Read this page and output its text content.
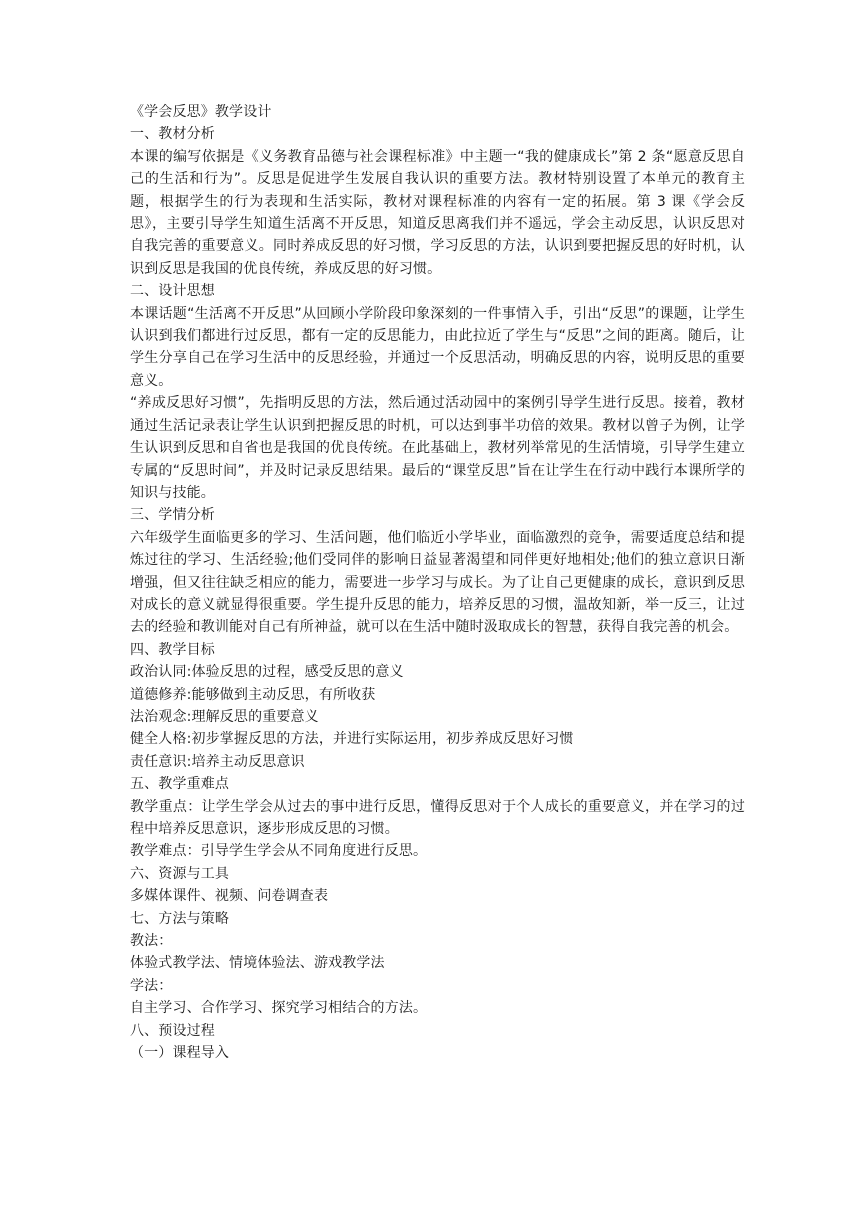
《学会反思》教学设计

一、教材分析

本课的编写依据是《义务教育品德与社会课程标准》中主题一“我的健康成长”第 2 条“愿意反思自己的生活和行为”。反思是促进学生发展自我认识的重要方法。教材特别设置了本单元的教育主题，根据学生的行为表现和生活实际，教材对课程标准的内容有一定的拓展。第 3 课《学会反思》，主要引导学生知道生活离不开反思，知道反思离我们并不遥远，学会主动反思，认识反思对自我完善的重要意义。同时养成反思的好习惯，学习反思的方法，认识到要把握反思的好时机，认识到反思是我国的优良传统，养成反思的好习惯。

二、设计思想

本课话题“生活离不开反思”从回顾小学阶段印象深刻的一件事情入手，引出“反思”的课题，让学生认识到我们都进行过反思，都有一定的反思能力，由此拉近了学生与“反思”之间的距离。随后，让学生分享自己在学习生活中的反思经验，并通过一个反思活动，明确反思的内容，说明反思的重要意义。

“养成反思好习惯”，先指明反思的方法，然后通过活动园中的案例引导学生进行反思。接着，教材通过生活记录表让学生认识到把握反思的时机，可以达到事半功倍的效果。教材以曾子为例，让学生认识到反思和自省也是我国的优良传统。在此基础上，教材列举常见的生活情境，引导学生建立专属的“反思时间”，并及时记录反思结果。最后的“课堂反思”旨在让学生在行动中践行本课所学的知识与技能。

三、学情分析

六年级学生面临更多的学习、生活问题，他们临近小学毕业，面临激烈的竞争，需要适度总结和提炼过往的学习、生活经验;他们受同伴的影响日益显著渴望和同伴更好地相处;他们的独立意识日渐增强，但又往往缺乏相应的能力，需要进一步学习与成长。为了让自己更健康的成长，意识到反思对成长的意义就显得很重要。学生提升反思的能力，培养反思的习惯，温故知新，举一反三，让过去的经验和教训能对自己有所神益，就可以在生活中随时汲取成长的智慧，获得自我完善的机会。

四、教学目标

政治认同:体验反思的过程，感受反思的意义

道德修养:能够做到主动反思，有所收获

法治观念:理解反思的重要意义

健全人格:初步掌握反思的方法，并进行实际运用，初步养成反思好习惯

责任意识:培养主动反思意识

五、教学重难点

教学重点：让学生学会从过去的事中进行反思，懂得反思对于个人成长的重要意义，并在学习的过程中培养反思意识，逐步形成反思的习惯。

教学难点：引导学生学会从不同角度进行反思。

六、资源与工具

多媒体课件、视频、问卷调查表

七、方法与策略

教法：

体验式教学法、情境体验法、游戏教学法

学法：

自主学习、合作学习、探究学习相结合的方法。

八、预设过程

（一）课程导入
